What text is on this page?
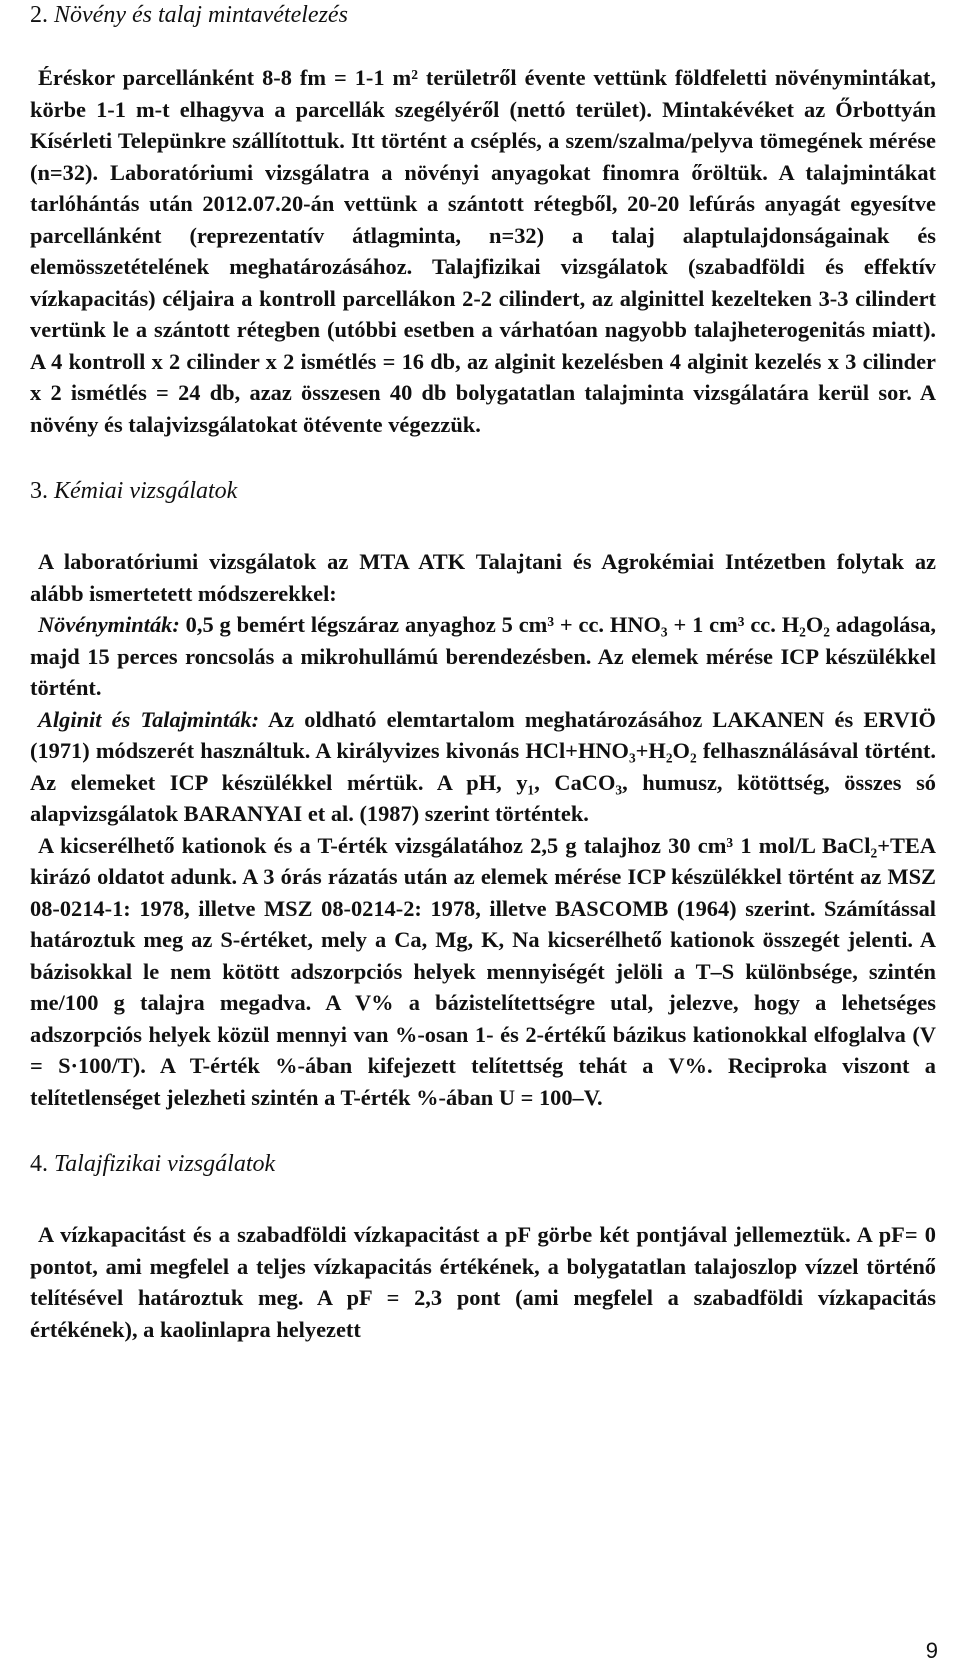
2. Növény és talaj mintavételezés

Éréskor parcellánként 8-8 fm = 1-1 m² területről évente vettünk földfeletti növénymintákat, körbe 1-1 m-t elhagyva a parcellák szegélyéről (nettó terület). Mintakévéket az Őrbottyán Kísérleti Telepünkre szállítottuk. Itt történt a cséplés, a szem/szalma/pelyva tömegének mérése (n=32). Laboratóriumi vizsgálatra a növényi anyagokat finomra őröltük. A talajmintákat tarlóhántás után 2012.07.20-án vettünk a szántott rétegből, 20-20 lefúrás anyagát egyesítve parcellánként (reprezentatív átlagminta, n=32) a talaj alaptulajdonságainak és elemösszetételének meghatározásához. Talajfizikai vizsgálatok (szabadföldi és effektív vízkapacitás) céljaira a kontroll parcellákon 2-2 cilindert, az alginittel kezelteken 3-3 cilindert vertünk le a szántott rétegben (utóbbi esetben a várhatóan nagyobb talajheterogenitás miatt). A 4 kontroll x 2 cilinder x 2 ismétlés = 16 db, az alginit kezelésben 4 alginit kezelés x 3 cilinder x 2 ismétlés = 24 db, azaz összesen 40 db bolygatatlan talajminta vizsgálatára kerül sor. A növény és talajvizsgálatokat ötévente végezzük.

3. Kémiai vizsgálatok

A laboratóriumi vizsgálatok az MTA ATK Talajtani és Agrokémiai Intézetben folytak az alább ismertetett módszerekkel:

Növényminták: 0,5 g bemért légszáraz anyaghoz 5 cm³ + cc. HNO₃ + 1 cm³ cc. H₂O₂ adagolása, majd 15 perces roncsolás a mikrohullámú berendezésben. Az elemek mérése ICP készülékkel történt.

Alginit és Talajminták: Az oldható elemtartalom meghatározásához LAKANEN és ERVIÖ (1971) módszerét használtuk. A királyvizes kivonás HCl+HNO₃+H₂O₂ felhasználásával történt. Az elemeket ICP készülékkel mértük. A pH, y₁, CaCO₃, humusz, kötöttség, összes só alapvizsgálatok BARANYAI et al. (1987) szerint történtek.

A kicserélhető kationok és a T-érték vizsgálatához 2,5 g talajhoz 30 cm³ 1 mol/L BaCl₂+TEA kirázó oldatot adunk. A 3 órás rázatás után az elemek mérése ICP készülékkel történt az MSZ 08-0214-1: 1978, illetve MSZ 08-0214-2: 1978, illetve BASCOMB (1964) szerint. Számítással határoztuk meg az S-értéket, mely a Ca, Mg, K, Na kicserélhető kationok összegét jelenti. A bázisokkal le nem kötött adszorpciós helyek mennyiségét jelöli a T–S különbsége, szintén me/100 g talajra megadva. A V% a bázistelítettségre utal, jelezve, hogy a lehetséges adszorpciós helyek közül mennyi van %-osan 1- és 2-értékű bázikus kationokkal elfoglalva (V = S·100/T). A T-érték %-ában kifejezett telítettség tehát a V%. Reciproka viszont a telítetlenséget jelezheti szintén a T-érték %-ában U = 100–V.

4. Talajfizikai vizsgálatok

A vízkapacitást és a szabadföldi vízkapacitást a pF görbe két pontjával jellemeztük. A pF= 0 pontot, ami megfelel a teljes vízkapacitás értékének, a bolygatatlan talajoszlop vízzel történő telítésével határoztuk meg. A pF = 2,3 pont (ami megfelel a szabadföldi vízkapacitás értékének), a kaolinlapra helyezett

9
